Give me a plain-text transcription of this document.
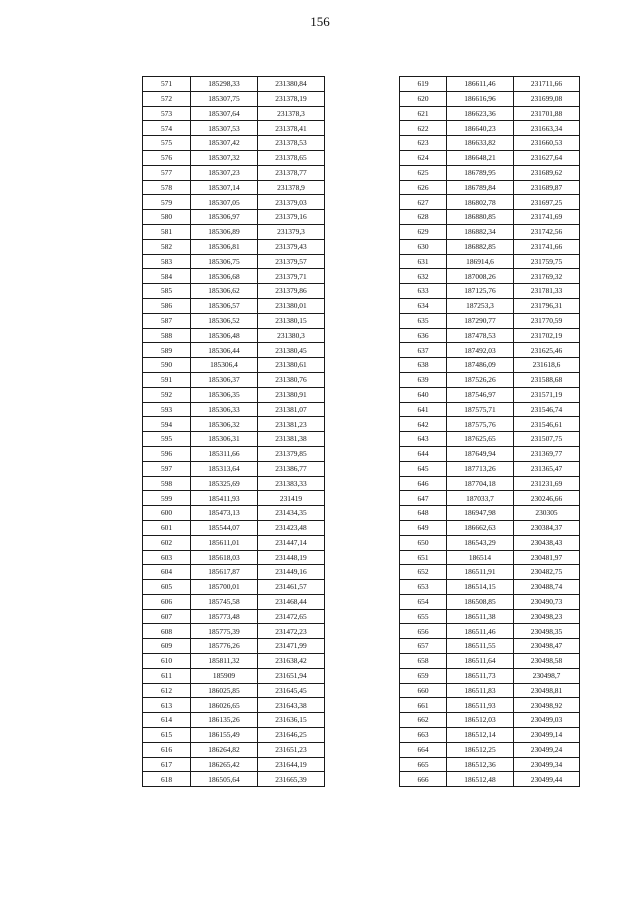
156
571	185298,33	231380,84
572	185307,75	231378,19
573	185307,64	231378,3
574	185307,53	231378,41
575	185307,42	231378,53
576	185307,32	231378,65
577	185307,23	231378,77
578	185307,14	231378,9
579	185307,05	231379,03
580	185306,97	231379,16
581	185306,89	231379,3
582	185306,81	231379,43
583	185306,75	231379,57
584	185306,68	231379,71
585	185306,62	231379,86
586	185306,57	231380,01
587	185306,52	231380,15
588	185306,48	231380,3
589	185306,44	231380,45
590	185306,4	231380,61
591	185306,37	231380,76
592	185306,35	231380,91
593	185306,33	231381,07
594	185306,32	231381,23
595	185306,31	231381,38
596	185311,66	231379,85
597	185313,64	231386,77
598	185325,69	231383,33
599	185411,93	231419
600	185473,13	231434,35
601	185544,07	231423,48
602	185611,01	231447,14
603	185618,03	231448,19
604	185617,87	231449,16
605	185700,01	231461,57
606	185745,58	231468,44
607	185773,48	231472,65
608	185775,39	231472,23
609	185776,26	231471,99
610	185811,32	231638,42
611	185909	231651,94
612	186025,85	231645,45
613	186026,65	231643,38
614	186135,26	231636,15
615	186155,49	231646,25
616	186264,82	231651,23
617	186265,42	231644,19
618	186505,64	231665,39
619	186611,46	231711,66
620	186616,96	231699,08
621	186623,36	231701,88
622	186640,23	231663,34
623	186633,82	231660,53
624	186648,21	231627,64
625	186789,95	231689,62
626	186789,84	231689,87
627	186802,78	231697,25
628	186880,85	231741,69
629	186882,34	231742,56
630	186882,85	231741,66
631	186914,6	231759,75
632	187008,26	231769,32
633	187125,76	231781,33
634	187253,3	231796,31
635	187290,77	231770,59
636	187478,53	231702,19
637	187492,03	231625,46
638	187486,09	231618,6
639	187526,26	231588,68
640	187546,97	231571,19
641	187575,71	231546,74
642	187575,76	231546,61
643	187625,65	231507,75
644	187649,94	231369,77
645	187713,26	231365,47
646	187704,18	231231,69
647	187033,7	230246,66
648	186947,98	230305
649	186662,63	230384,37
650	186543,29	230438,43
651	186514	230481,97
652	186511,91	230482,75
653	186514,15	230488,74
654	186508,85	230490,73
655	186511,38	230498,23
656	186511,46	230498,35
657	186511,55	230498,47
658	186511,64	230498,58
659	186511,73	230498,7
660	186511,83	230498,81
661	186511,93	230498,92
662	186512,03	230499,03
663	186512,14	230499,14
664	186512,25	230499,24
665	186512,36	230499,34
666	186512,48	230499,44
